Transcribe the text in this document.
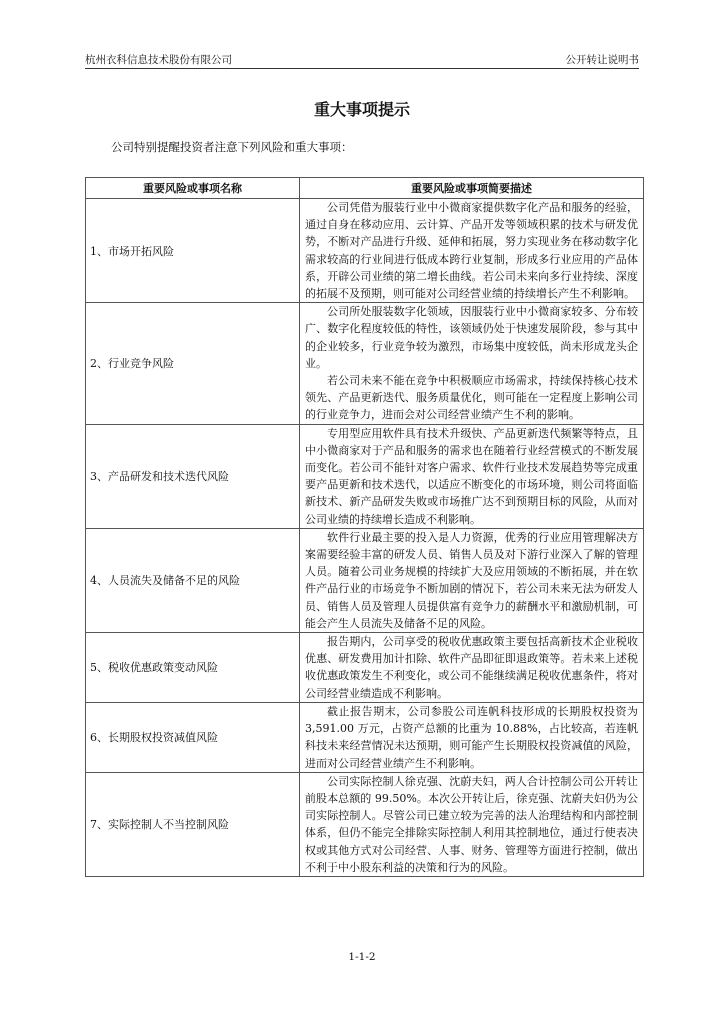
杭州衣科信息技术股份有限公司	公开转让说明书
重大事项提示
公司特别提醒投资者注意下列风险和重大事项：
重要风险或事项名称	重要风险或事项简要描述
1、市场开拓风险	公司凭借为服装行业中小微商家提供数字化产品和服务的经验，通过自身在移动应用、云计算、产品开发等领域积累的技术与研发优势，不断对产品进行升级、延伸和拓展，努力实现业务在移动数字化需求较高的行业间进行低成本跨行业复制，形成多行业应用的产品体系，开辟公司业绩的第二增长曲线。若公司未来向多行业持续、深度的拓展不及预期，则可能对公司经营业绩的持续增长产生不利影响。

2、行业竞争风险	公司所处服装数字化领域，因服装行业中小微商家较多、分布较广、数字化程度较低的特性，该领域仍处于快速发展阶段，参与其中的企业较多，行业竞争较为激烈，市场集中度较低，尚未形成龙头企业。

若公司未来不能在竞争中积极顺应市场需求，持续保持核心技术领先、产品更新迭代、服务质量优化，则可能在一定程度上影响公司的行业竞争力，进而会对公司经营业绩产生不利的影响。

3、产品研发和技术迭代风险	专用型应用软件具有技术升级快、产品更新迭代频繁等特点，且中小微商家对于产品和服务的需求也在随着行业经营模式的不断发展而变化。若公司不能针对客户需求、软件行业技术发展趋势等完成重要产品更新和技术迭代，以适应不断变化的市场环境，则公司将面临新技术、新产品研发失败或市场推广达不到预期目标的风险，从而对公司业绩的持续增长造成不利影响。

4、人员流失及储备不足的风险	软件行业最主要的投入是人力资源，优秀的行业应用管理解决方案需要经验丰富的研发人员、销售人员及对下游行业深入了解的管理人员。随着公司业务规模的持续扩大及应用领域的不断拓展，并在软件产品行业的市场竞争不断加剧的情况下，若公司未来无法为研发人员、销售人员及管理人员提供富有竞争力的薪酬水平和激励机制，可能会产生人员流失及储备不足的风险。

5、税收优惠政策变动风险	报告期内，公司享受的税收优惠政策主要包括高新技术企业税收优惠、研发费用加计扣除、软件产品即征即退政策等。若未来上述税收优惠政策发生不利变化，或公司不能继续满足税收优惠条件，将对公司经营业绩造成不利影响。

6、长期股权投资减值风险	截止报告期末，公司参股公司连帆科技形成的长期股权投资为 3,591.00 万元，占资产总额的比重为 10.88%，占比较高，若连帆科技未来经营情况未达预期，则可能产生长期股权投资减值的风险，进而对公司经营业绩产生不利影响。

7、实际控制人不当控制风险	公司实际控制人徐克强、沈蔚夫妇，两人合计控制公司公开转让前股本总额的 99.50%。本次公开转让后，徐克强、沈蔚夫妇仍为公司实际控制人。尽管公司已建立较为完善的法人治理结构和内部控制体系，但仍不能完全排除实际控制人利用其控制地位，通过行使表决权或其他方式对公司经营、人事、财务、管理等方面进行控制，做出不利于中小股东利益的决策和行为的风险。

1-1-2
